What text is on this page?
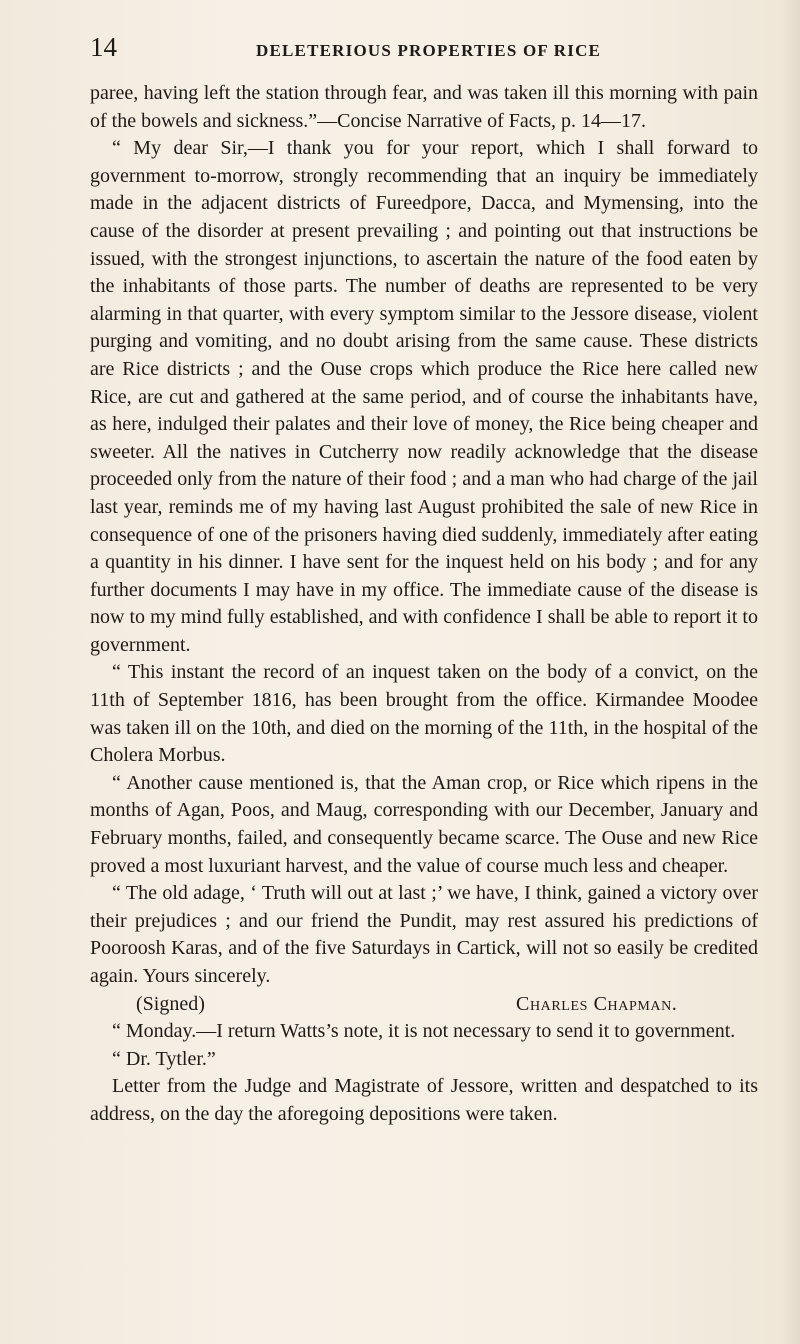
14	DELETERIOUS PROPERTIES OF RICE

paree, having left the station through fear, and was taken ill this morning with pain of the bowels and sickness.”—Concise Narrative of Facts, p. 14—17.

“ My dear Sir,—I thank you for your report, which I shall forward to government to-morrow, strongly recommending that an inquiry be immediately made in the adjacent districts of Fureedpore, Dacca, and Mymensing, into the cause of the disorder at present prevailing ; and pointing out that instructions be issued, with the strongest injunctions, to ascertain the nature of the food eaten by the inhabitants of those parts. The number of deaths are represented to be very alarming in that quarter, with every symptom similar to the Jessore disease, violent purging and vomiting, and no doubt arising from the same cause. These districts are Rice districts ; and the Ouse crops which produce the Rice here called new Rice, are cut and gathered at the same period, and of course the inhabitants have, as here, indulged their palates and their love of money, the Rice being cheaper and sweeter. All the natives in Cutcherry now readily acknowledge that the disease proceeded only from the nature of their food ; and a man who had charge of the jail last year, reminds me of my having last August prohibited the sale of new Rice in consequence of one of the prisoners having died suddenly, immediately after eating a quantity in his dinner. I have sent for the inquest held on his body ; and for any further documents I may have in my office. The immediate cause of the disease is now to my mind fully established, and with confidence I shall be able to report it to government.

“ This instant the record of an inquest taken on the body of a convict, on the 11th of September 1816, has been brought from the office. Kirmandee Moodee was taken ill on the 10th, and died on the morning of the 11th, in the hospital of the Cholera Morbus.

“ Another cause mentioned is, that the Aman crop, or Rice which ripens in the months of Agan, Poos, and Maug, corresponding with our December, January and February months, failed, and consequently became scarce. The Ouse and new Rice proved a most luxuriant harvest, and the value of course much less and cheaper.

“ The old adage, ‘ Truth will out at last ;’ we have, I think, gained a victory over their prejudices ; and our friend the Pundit, may rest assured his predictions of Pooroosh Karas, and of the five Saturdays in Cartick, will not so easily be credited again. Yours sincerely.

(Signed)	Charles Chapman.

“ Monday.—I return Watts’s note, it is not necessary to send it to government.

“ Dr. Tytler.”

Letter from the Judge and Magistrate of Jessore, written and despatched to its address, on the day the aforegoing depositions were taken.
